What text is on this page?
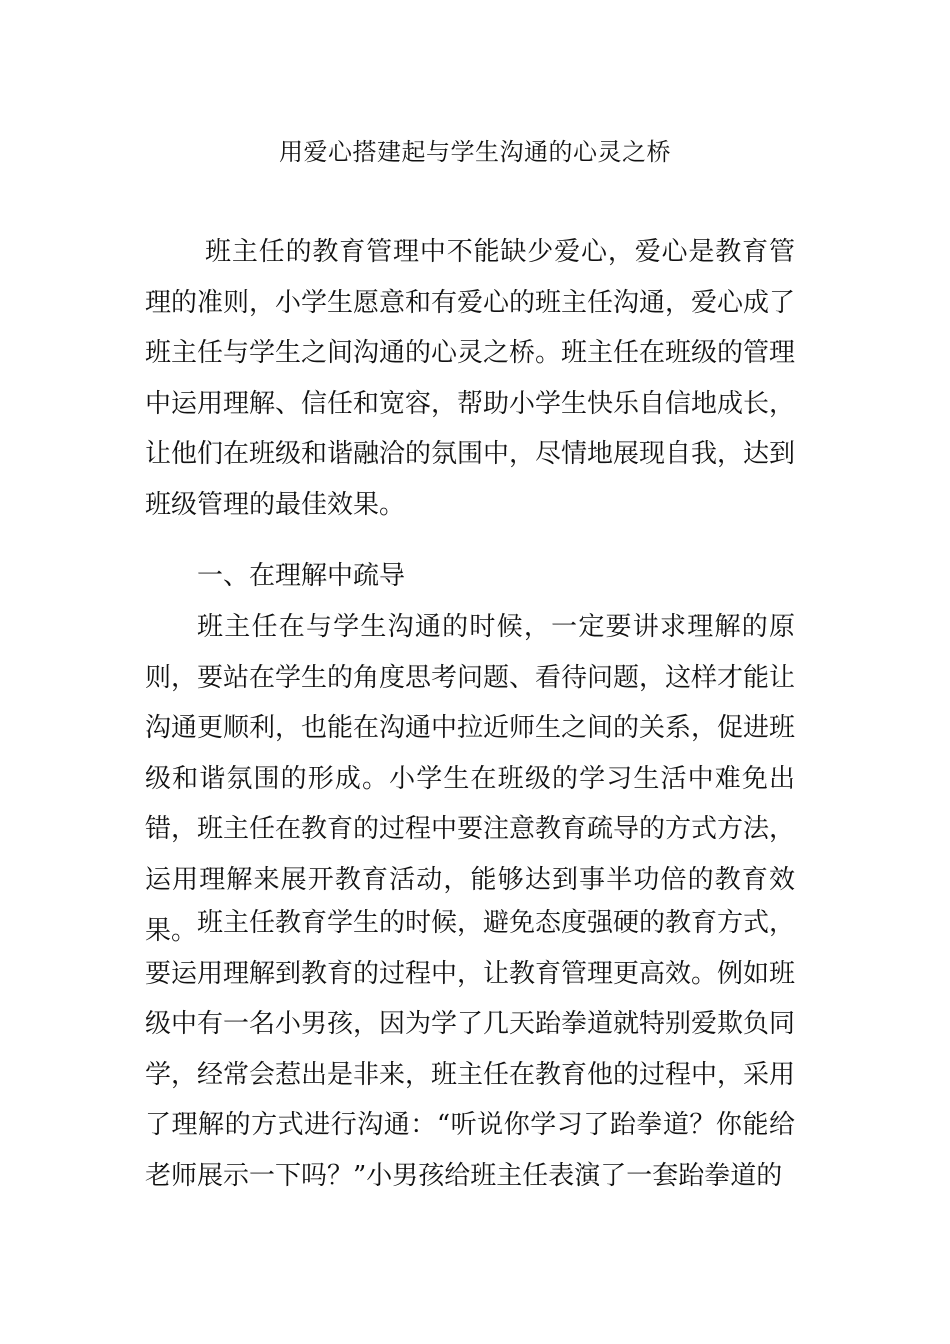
用爱心搭建起与学生沟通的心灵之桥

班主任的教育管理中不能缺少爱心，爱心是教育管理的准则，小学生愿意和有爱心的班主任沟通，爱心成了班主任与学生之间沟通的心灵之桥。班主任在班级的管理中运用理解、信任和宽容，帮助小学生快乐自信地成长，让他们在班级和谐融洽的氛围中，尽情地展现自我，达到班级管理的最佳效果。

一、在理解中疏导

班主任在与学生沟通的时候，一定要讲求理解的原则，要站在学生的角度思考问题、看待问题，这样才能让沟通更顺利，也能在沟通中拉近师生之间的关系，促进班级和谐氛围的形成。小学生在班级的学习生活中难免出错，班主任在教育的过程中要注意教育疏导的方式方法，运用理解来展开教育活动，能够达到事半功倍的教育效果。 班主任教育学生的时候，避免态度强硬的教育方式，要运用理解到教育的过程中，让教育管理更高效。例如班级中有一名小男孩，因为学了几天跆拳道就特别爱欺负同学，经常会惹出是非来，班主任在教育他的过程中，采用了理解的方式进行沟通：“听说你学习了跆拳道？你能给老师展示一下吗？”小男孩给班主任表演了一套跆拳道的
